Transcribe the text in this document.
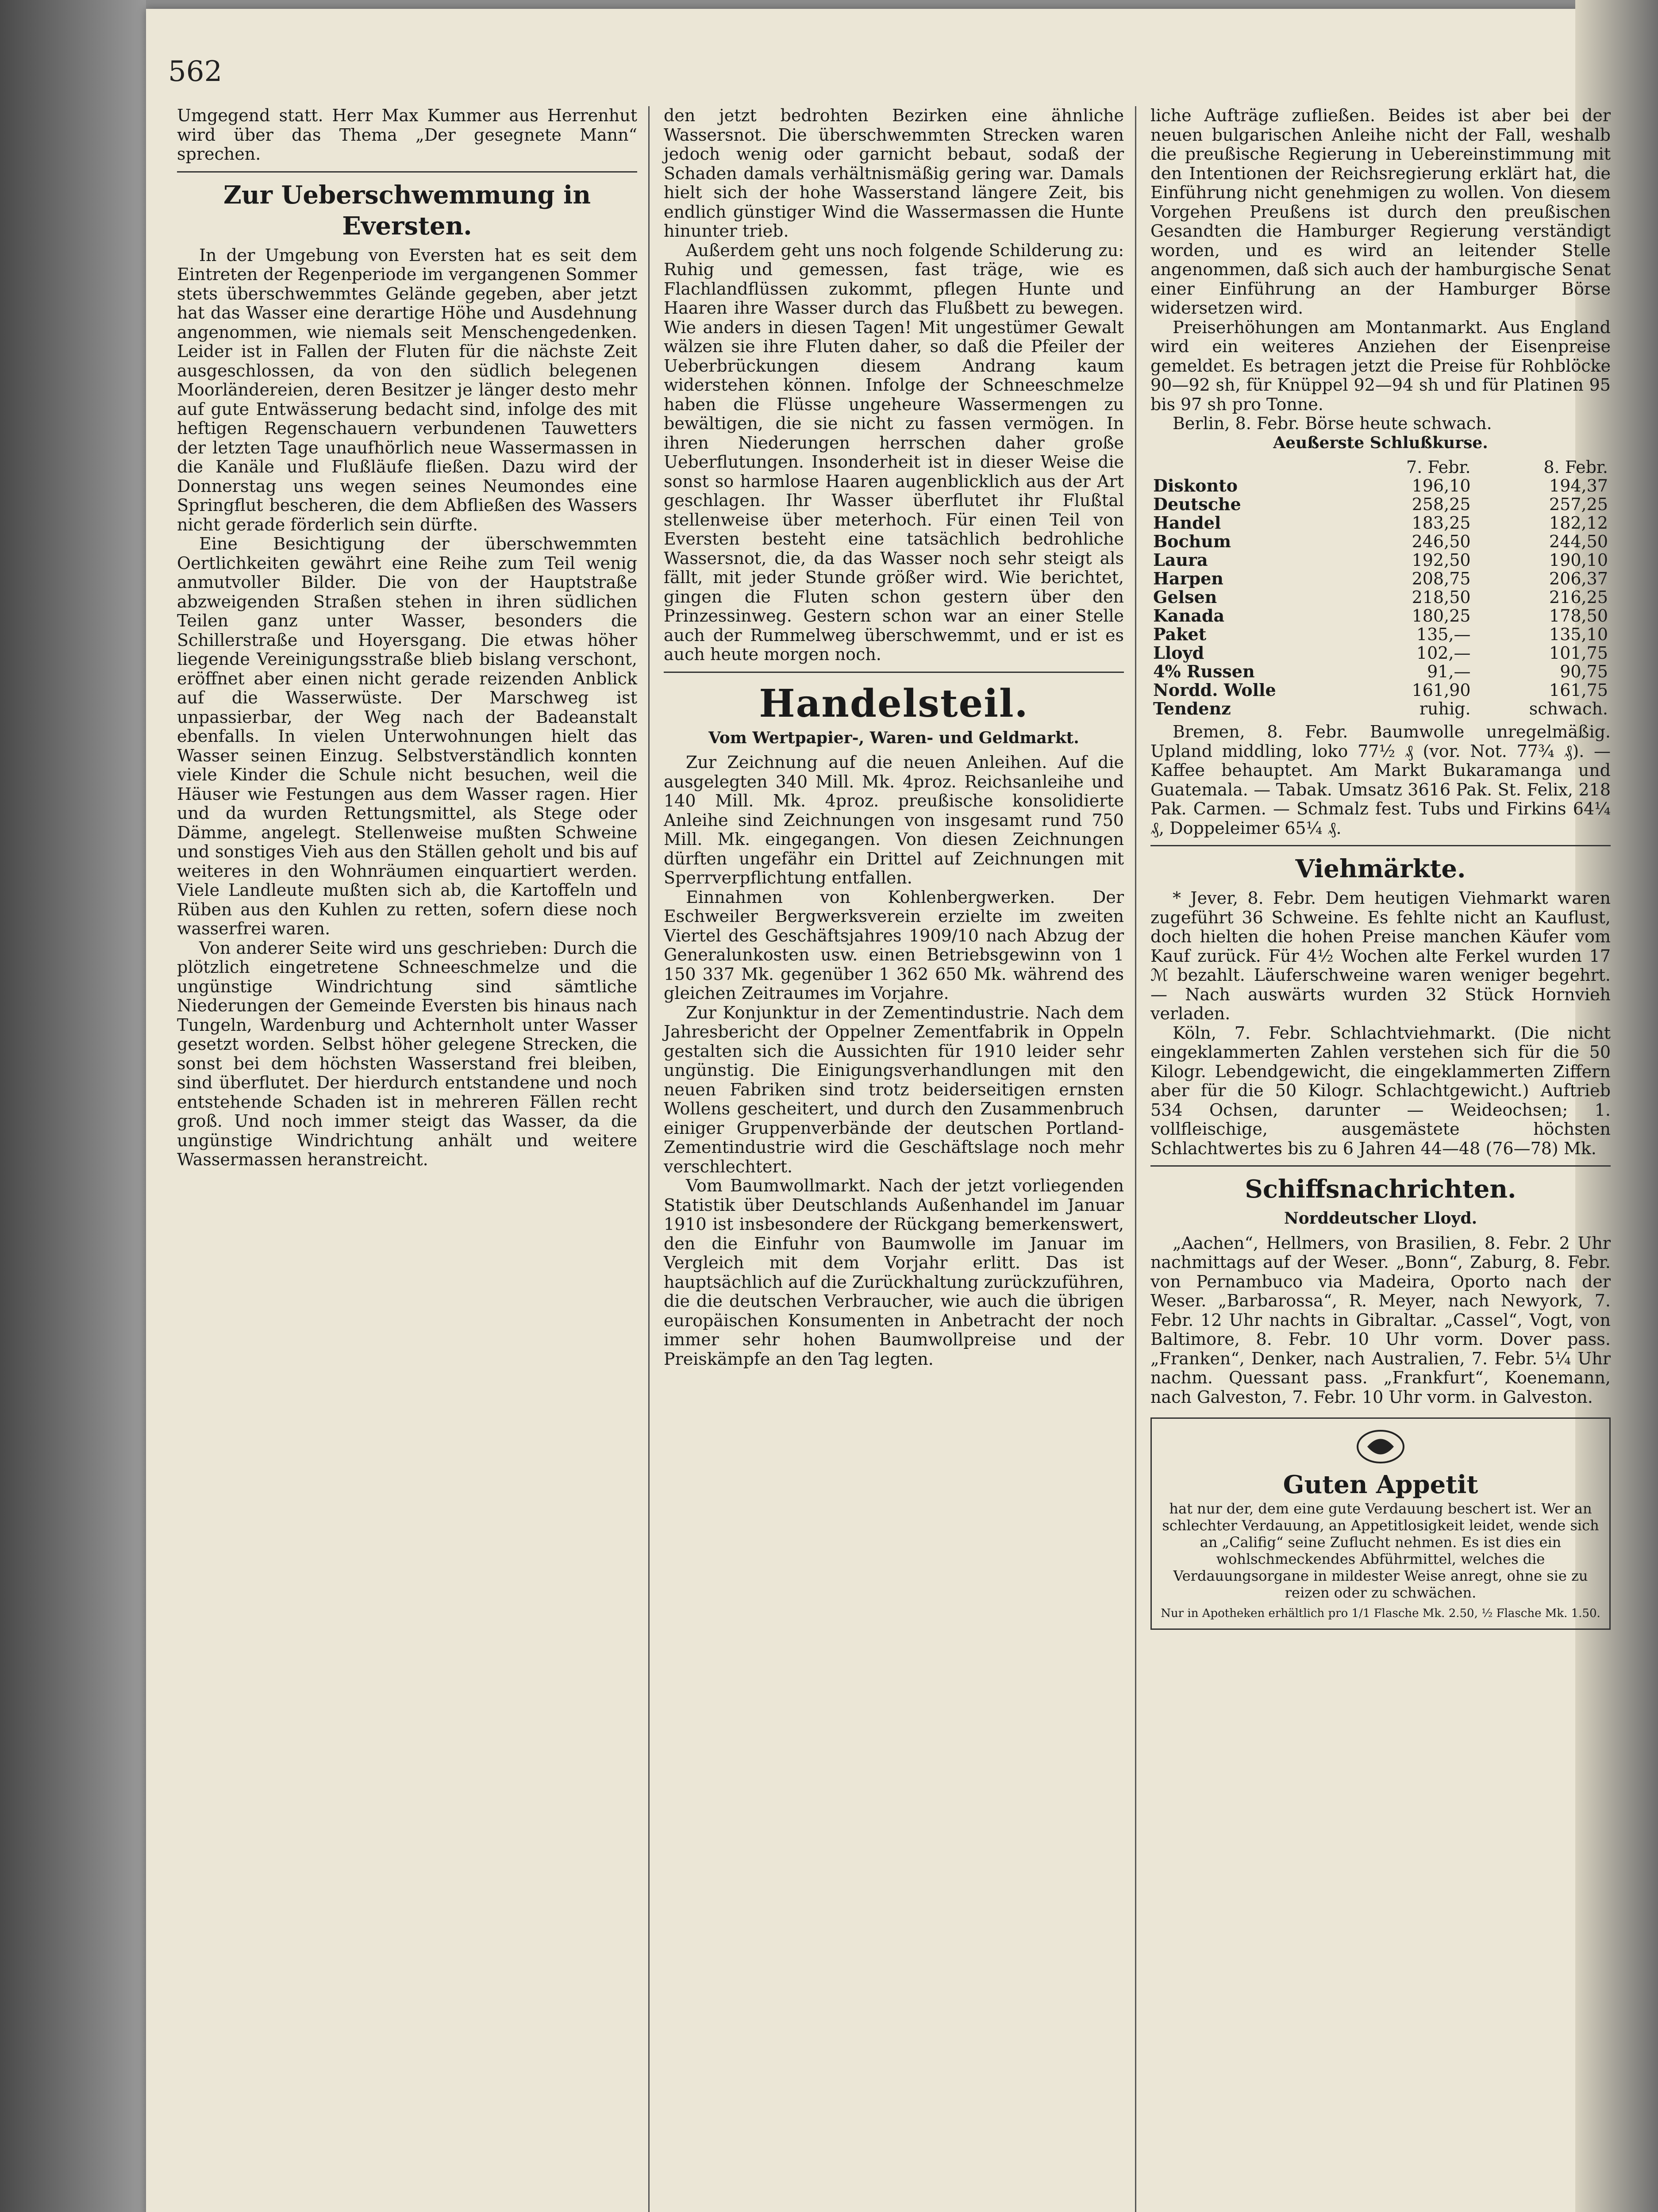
562

Umgegend statt. Herr Max Kummer aus Herrenhut wird über das Thema „Der gesegnete Mann“ sprechen.

Zur Ueberschwemmung in Eversten.

In der Umgebung von Eversten hat es seit dem Eintreten der Regenperiode im vergangenen Sommer stets überschwemmtes Gelände gegeben, aber jetzt hat das Wasser eine derartige Höhe und Ausdehnung angenommen, wie niemals seit Menschengedenken. Leider ist in Fallen der Fluten für die nächste Zeit ausgeschlossen, da von den südlich belegenen Moorländereien, deren Besitzer je länger desto mehr auf gute Entwässerung bedacht sind, infolge des mit heftigen Regenschauern verbundenen Tauwetters der letzten Tage unaufhörlich neue Wassermassen in die Kanäle und Flußläufe fließen. Dazu wird der Donnerstag uns wegen seines Neumondes eine Springflut bescheren, die dem Abfließen des Wassers nicht gerade förderlich sein dürfte.

Eine Besichtigung der überschwemmten Oertlichkeiten gewährt eine Reihe zum Teil wenig anmutvoller Bilder. Die von der Hauptstraße abzweigenden Straßen stehen in ihren südlichen Teilen ganz unter Wasser, besonders die Schillerstraße und Hoyersgang. Die etwas höher liegende Vereinigungsstraße blieb bislang verschont, eröffnet aber einen nicht gerade reizenden Anblick auf die Wasserwüste. Der Marschweg ist unpassierbar, der Weg nach der Badeanstalt ebenfalls. In vielen Unterwohnungen hielt das Wasser seinen Einzug. Selbstverständlich konnten viele Kinder die Schule nicht besuchen, weil die Häuser wie Festungen aus dem Wasser ragen. Hier und da wurden Rettungsmittel, als Stege oder Dämme, angelegt. Stellenweise mußten Schweine und sonstiges Vieh aus den Ställen geholt und bis auf weiteres in den Wohnräumen einquartiert werden. Viele Landleute mußten sich ab, die Kartoffeln und Rüben aus den Kuhlen zu retten, sofern diese noch wasserfrei waren.

Von anderer Seite wird uns geschrieben: Durch die plötzlich eingetretene Schneeschmelze und die ungünstige Windrichtung sind sämtliche Niederungen der Gemeinde Eversten bis hinaus nach Tungeln, Wardenburg und Achternholt unter Wasser gesetzt worden. Selbst höher gelegene Strecken, die sonst bei dem höchsten Wasserstand frei bleiben, sind überflutet. Der hierdurch entstandene und noch entstehende Schaden ist in mehreren Fällen recht groß. Und noch immer steigt das Wasser, da die ungünstige Windrichtung anhält und weitere Wassermassen heranstreicht.

den jetzt bedrohten Bezirken eine ähnliche Wassersnot. Die überschwemmten Strecken waren jedoch wenig oder garnicht bebaut, sodaß der Schaden damals verhältnismäßig gering war. Damals hielt sich der hohe Wasserstand längere Zeit, bis endlich günstiger Wind die Wassermassen die Hunte hinunter trieb.

Außerdem geht uns noch folgende Schilderung zu: Ruhig und gemessen, fast träge, wie es Flachlandflüssen zukommt, pflegen Hunte und Haaren ihre Wasser durch das Flußbett zu bewegen. Wie anders in diesen Tagen! Mit ungestümer Gewalt wälzen sie ihre Fluten daher, so daß die Pfeiler der Ueberbrückungen diesem Andrang kaum widerstehen können. Infolge der Schneeschmelze haben die Flüsse ungeheure Wassermengen zu bewältigen, die sie nicht zu fassen vermögen. In ihren Niederungen herrschen daher große Ueberflutungen. Insonderheit ist in dieser Weise die sonst so harmlose Haaren augenblicklich aus der Art geschlagen. Ihr Wasser überflutet ihr Flußtal stellenweise über meterhoch. Für einen Teil von Eversten besteht eine tatsächlich bedrohliche Wassersnot, die, da das Wasser noch sehr steigt als fällt, mit jeder Stunde größer wird. Wie berichtet, gingen die Fluten schon gestern über den Prinzessinweg. Gestern schon war an einer Stelle auch der Rummelweg überschwemmt, und er ist es auch heute morgen noch.

Handelsteil.
Vom Wertpapier-, Waren- und Geldmarkt.

Zur Zeichnung auf die neuen Anleihen. Auf die ausgelegten 340 Mill. Mk. 4proz. Reichsanleihe und 140 Mill. Mk. 4proz. preußische konsolidierte Anleihe sind Zeichnungen von insgesamt rund 750 Mill. Mk. eingegangen. Von diesen Zeichnungen dürften ungefähr ein Drittel auf Zeichnungen mit Sperrverpflichtung entfallen.

Einnahmen von Kohlenbergwerken. Der Eschweiler Bergwerksverein erzielte im zweiten Viertel des Geschäftsjahres 1909/10 nach Abzug der Generalunkosten usw. einen Betriebsgewinn von 1 150 337 Mk. gegenüber 1 362 650 Mk. während des gleichen Zeitraumes im Vorjahre.

Zur Konjunktur in der Zementindustrie. Nach dem Jahresbericht der Oppelner Zementfabrik in Oppeln gestalten sich die Aussichten für 1910 leider sehr ungünstig. Die Einigungsverhandlungen mit den neuen Fabriken sind trotz beiderseitigen ernsten Wollens gescheitert, und durch den Zusammenbruch einiger Gruppenverbände der deutschen Portland-Zementindustrie wird die Geschäftslage noch mehr verschlechtert.

Vom Baumwollmarkt. Nach der jetzt vorliegenden Statistik über Deutschlands Außenhandel im Januar 1910 ist insbesondere der Rückgang bemerkenswert, den die Einfuhr von Baumwolle im Januar im Vergleich mit dem Vorjahr erlitt. Das ist hauptsächlich auf die Zurückhaltung zurückzuführen, die die deutschen Verbraucher, wie auch die übrigen europäischen Konsumenten in Anbetracht der noch immer sehr hohen Baumwollpreise und der Preiskämpfe an den Tag legten.

liche Aufträge zufließen. Beides ist aber bei der neuen bulgarischen Anleihe nicht der Fall, weshalb die preußische Regierung in Uebereinstimmung mit den Intentionen der Reichsregierung erklärt hat, die Einführung nicht genehmigen zu wollen. Von diesem Vorgehen Preußens ist durch den preußischen Gesandten die Hamburger Regierung verständigt worden, und es wird an leitender Stelle angenommen, daß sich auch der hamburgische Senat einer Einführung an der Hamburger Börse widersetzen wird.

Preiserhöhungen am Montanmarkt. Aus England wird ein weiteres Anziehen der Eisenpreise gemeldet. Es betragen jetzt die Preise für Rohblöcke 90—92 sh, für Knüppel 92—94 sh und für Platinen 95 bis 97 sh pro Tonne.

Berlin, 8. Febr. Börse heute schwach.

Aeußerste Schlußkurse.
	7. Febr.	8. Febr.
Diskonto	196,10	194,37
Deutsche	258,25	257,25
Handel	183,25	182,12
Bochum	246,50	244,50
Laura	192,50	190,10
Harpen	208,75	206,37
Gelsen	218,50	216,25
Kanada	180,25	178,50
Paket	135,—	135,10
Lloyd	102,—	101,75
4% Russen	91,—	90,75
Nordd. Wolle	161,90	161,75
Tendenz	ruhig.	schwach.

Bremen, 8. Febr. Baumwolle unregelmäßig. Upland middling, loko 77½ ₰ (vor. Not. 77¾ ₰). — Kaffee behauptet. Am Markt Bukaramanga und Guatemala. — Tabak. Umsatz 3616 Pak. St. Felix, 218 Pak. Carmen. — Schmalz fest. Tubs und Firkins 64¼ ₰, Doppeleimer 65¼ ₰.

Viehmärkte.

* Jever, 8. Febr. Dem heutigen Viehmarkt waren zugeführt 36 Schweine. Es fehlte nicht an Kauflust, doch hielten die hohen Preise manchen Käufer vom Kauf zurück. Für 4½ Wochen alte Ferkel wurden 17 ℳ bezahlt. Läuferschweine waren weniger begehrt. — Nach auswärts wurden 32 Stück Hornvieh verladen.

Köln, 7. Febr. Schlachtviehmarkt. (Die nicht eingeklammerten Zahlen verstehen sich für die 50 Kilogr. Lebendgewicht, die eingeklammerten Ziffern aber für die 50 Kilogr. Schlachtgewicht.) Auftrieb 534 Ochsen, darunter — Weideochsen; 1. vollfleischige, ausgemästete höchsten Schlachtwertes bis zu 6 Jahren 44—48 (76—78) Mk.

Schiffsnachrichten.
Norddeutscher Lloyd.

„Aachen“, Hellmers, von Brasilien, 8. Febr. 2 Uhr nachmittags auf der Weser. „Bonn“, Zaburg, 8. Febr. von Pernambuco via Madeira, Oporto nach der Weser. „Barbarossa“, R. Meyer, nach Newyork, 7. Febr. 12 Uhr nachts in Gibraltar. „Cassel“, Vogt, von Baltimore, 8. Febr. 10 Uhr vorm. Dover pass. „Franken“, Denker, nach Australien, 7. Febr. 5¼ Uhr nachm. Quessant pass. „Frankfurt“, Koenemann, nach Galveston, 7. Febr. 10 Uhr vorm. in Galveston.

Guten Appetit
hat nur der, dem eine gute Verdauung beschert ist. Wer an schlechter Verdauung, an Appetitlosigkeit leidet, wende sich an „Califig“ seine Zuflucht nehmen. Es ist dies ein wohlschmeckendes Abführmittel, welches die Verdauungsorgane in mildester Weise anregt, ohne sie zu reizen oder zu schwächen.
Nur in Apotheken erhältlich pro 1/1 Flasche Mk. 2.50, ½ Flasche Mk. 1.50.
